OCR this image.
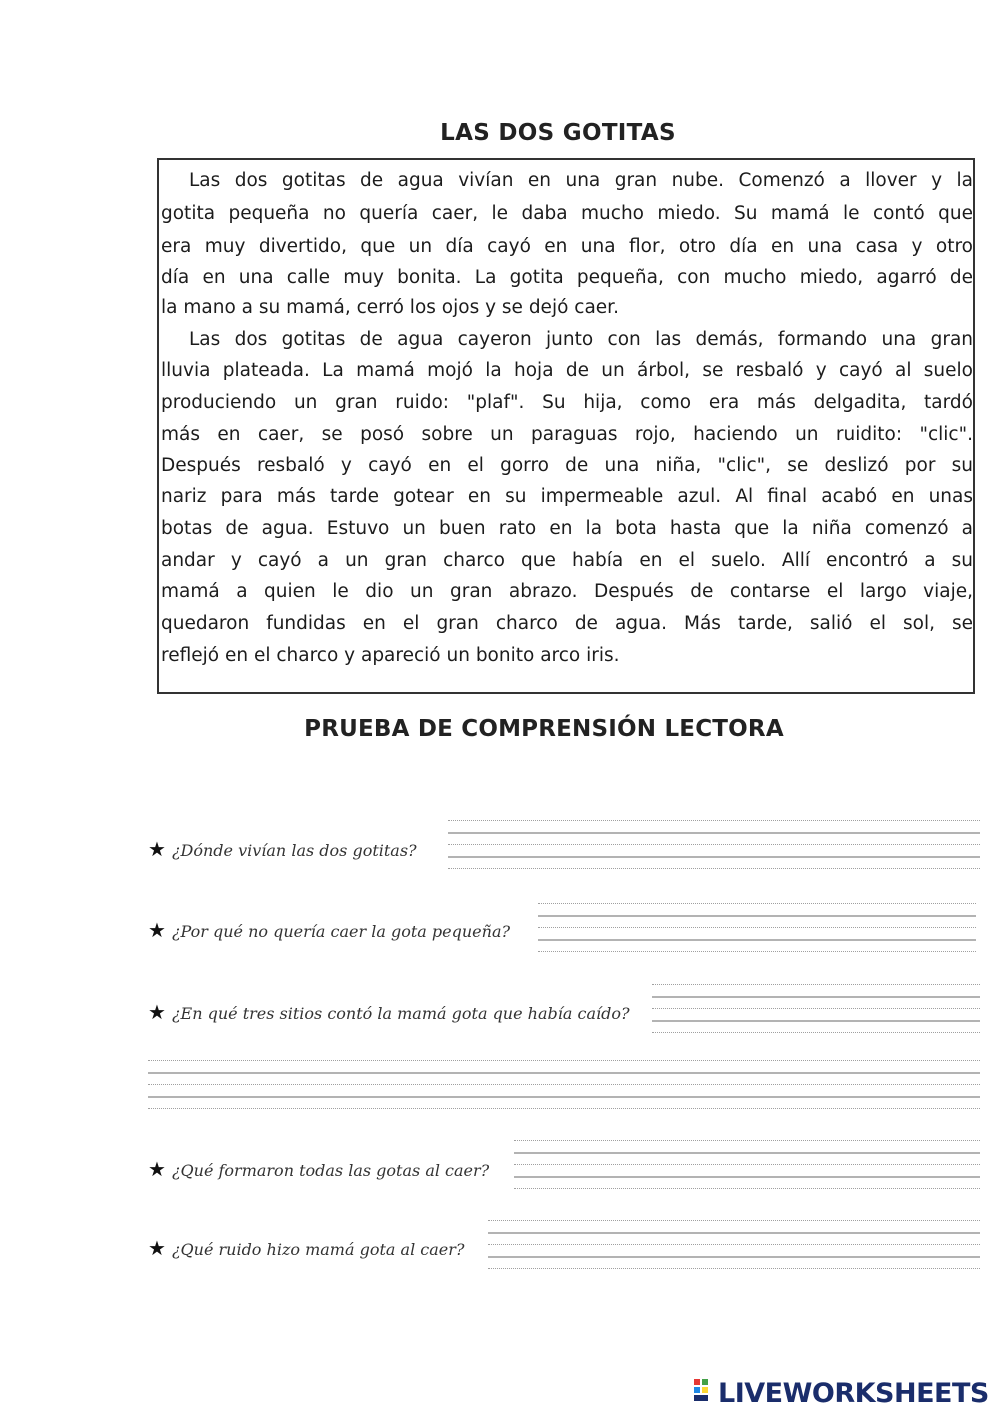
LAS DOS GOTITAS
Las dos gotitas de agua vivían en una gran nube. Comenzó a llover y la
gotita pequeña no quería caer, le daba mucho miedo. Su mamá le contó que
era muy divertido, que un día cayó en una flor, otro día en una casa y otro
día en una calle muy bonita. La gotita pequeña, con mucho miedo, agarró de
la mano a su mamá, cerró los ojos y se dejó caer.
Las dos gotitas de agua cayeron junto con las demás, formando una gran
lluvia plateada. La mamá mojó la hoja de un árbol, se resbaló y cayó al suelo
produciendo un gran ruido: "plaf". Su hija, como era más delgadita, tardó
más en caer, se posó sobre un paraguas rojo, haciendo un ruidito: "clic".
Después resbaló y cayó en el gorro de una niña, "clic", se deslizó por su
nariz para más tarde gotear en su impermeable azul. Al final acabó en unas
botas de agua. Estuvo un buen rato en la bota hasta que la niña comenzó a
andar y cayó a un gran charco que había en el suelo. Allí encontró a su
mamá a quien le dio un gran abrazo. Después de contarse el largo viaje,
quedaron fundidas en el gran charco de agua. Más tarde, salió el sol, se
reflejó en el charco y apareció un bonito arco iris.
PRUEBA DE COMPRENSIÓN LECTORA
★ ¿Dónde vivían las dos gotitas?
★ ¿Por qué no quería caer la gota pequeña?
★ ¿En qué tres sitios contó la mamá gota que había caído?
★ ¿Qué formaron todas las gotas al caer?
★ ¿Qué ruido hizo mamá gota al caer?
LIVEWORKSHEETS
